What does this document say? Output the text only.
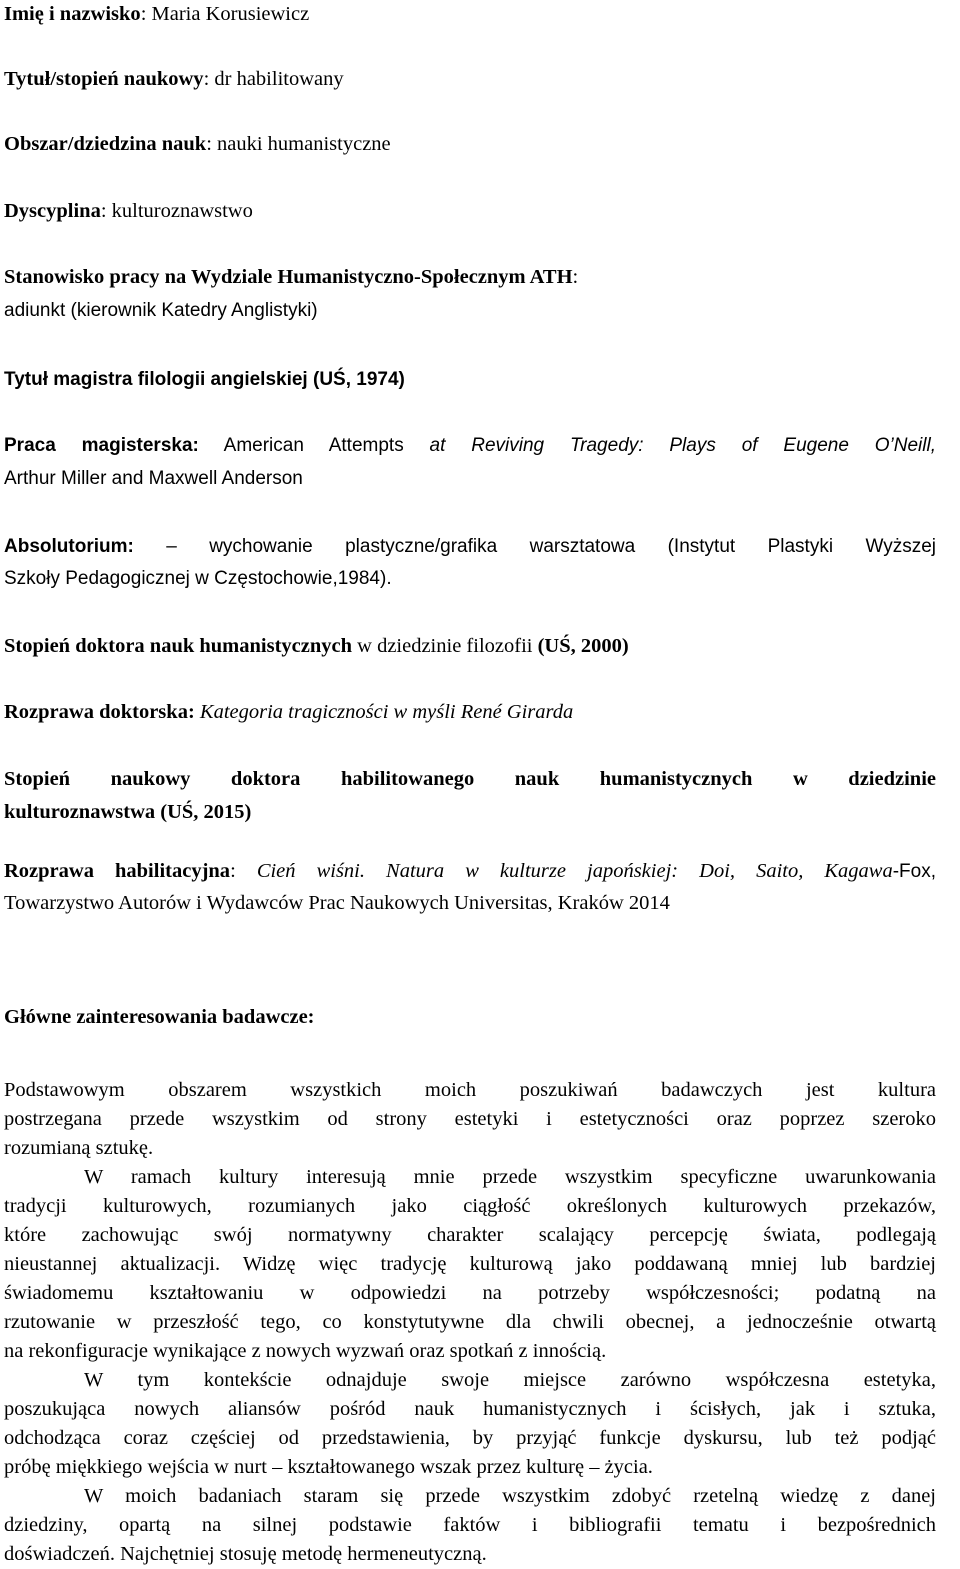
Imię i nazwisko: Maria Korusiewicz

Tytuł/stopień naukowy: dr habilitowany

Obszar/dziedzina nauk: nauki humanistyczne

Dyscyplina: kulturoznawstwo

Stanowisko pracy na Wydziale Humanistyczno-Społecznym ATH:

adiunkt (kierownik Katedry Anglistyki)

Tytuł magistra filologii angielskiej (UŚ, 1974)

Praca magisterska: American Attempts at Reviving Tragedy: Plays of Eugene O’Neill,

Arthur Miller and Maxwell Anderson

Absolutorium: – wychowanie plastyczne/grafika warsztatowa (Instytut Plastyki Wyższej

Szkoły Pedagogicznej w Częstochowie,1984).

Stopień doktora nauk humanistycznych w dziedzinie filozofii (UŚ, 2000)

Rozprawa doktorska: Kategoria tragiczności w myśli René Girarda

Stopień naukowy doktora habilitowanego nauk humanistycznych w dziedzinie

kulturoznawstwa (UŚ, 2015)

Rozprawa habilitacyjna: Cień wiśni. Natura w kulturze japońskiej: Doi, Saito, Kagawa-Fox,

Towarzystwo Autorów i Wydawców Prac Naukowych Universitas, Kraków 2014

Główne zainteresowania badawcze:

Podstawowym obszarem wszystkich moich poszukiwań badawczych jest kultura

postrzegana przede wszystkim od strony estetyki i estetyczności oraz poprzez szeroko

rozumianą sztukę.

W ramach kultury interesują mnie przede wszystkim specyficzne uwarunkowania

tradycji kulturowych, rozumianych jako ciągłość określonych kulturowych przekazów,

które zachowując swój normatywny charakter scalający percepcję świata, podlegają

nieustannej aktualizacji. Widzę więc tradycję kulturową jako poddawaną mniej lub bardziej

świadomemu kształtowaniu w odpowiedzi na potrzeby współczesności; podatną na

rzutowanie w przeszłość tego, co konstytutywne dla chwili obecnej, a jednocześnie otwartą

na rekonfiguracje wynikające z nowych wyzwań oraz spotkań z innością.

W tym kontekście odnajduje swoje miejsce zarówno współczesna estetyka,

poszukująca nowych aliansów pośród nauk humanistycznych i ścisłych, jak i sztuka,

odchodząca coraz częściej od przedstawienia, by przyjąć funkcje dyskursu, lub też podjąć

próbę miękkiego wejścia w nurt – kształtowanego wszak przez kulturę – życia.

W moich badaniach staram się przede wszystkim zdobyć rzetelną wiedzę z danej

dziedziny, opartą na silnej podstawie faktów i bibliografii tematu i bezpośrednich

doświadczeń. Najchętniej stosuję metodę hermeneutyczną.
